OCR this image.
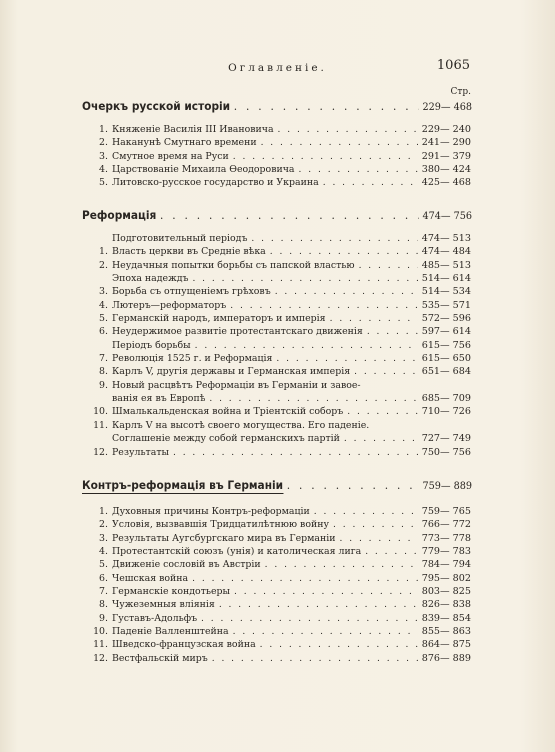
Оглавленіе.	1065
Стр.
Очеркъ русской исторіи . . .	229— 468
1. Княженіе Василія III Ивановича . . .	229— 240
2. Наканунѣ Смутнаго времени . . .	241— 290
3. Смутное время на Руси . . .	291— 379
4. Царствованіе Михаила Ѳеодоровича . . .	380— 424
5. Литовско-русское государство и Украина . . .	425— 468
Реформація . . .	474— 756
Подготовительный періодъ . . .	474— 513
1. Власть церкви въ Средніе вѣка . . .	474— 484
2. Неудачныя попытки борьбы съ папской властью . . .	485— 513
Эпоха надеждъ . . .	514— 614
3. Борьба съ отпущеніемъ грѣховъ . . .	514— 534
4. Лютеръ—реформаторъ . . .	535— 571
5. Германскій народъ, императоръ и имперія . . .	572— 596
6. Неудержимое развитіе протестантскаго движенія . . .	597— 614
Періодъ борьбы . . .	615— 756
7. Революція 1525 г. и Реформація . . .	615— 650
8. Карлъ V, другія державы и Германская имперія . . .	651— 684
9. Новый расцвѣтъ Реформаціи въ Германіи и завое-
ванія ея въ Европѣ . . .	685— 709
10. Шмалькальденская война и Тріентскій соборъ . . .	710— 726
11. Карлъ V на высотѣ своего могущества. Его паденіе.
Соглашеніе между собой германскихъ партій . . .	727— 749
12. Результаты . . .	750— 756
Контръ-реформація въ Германіи . . .	759— 889
1. Духовныя причины Контръ-реформаціи . . .	759— 765
2. Условія, вызвавшія Тридцатилѣтнюю войну . . .	766— 772
3. Результаты Аугсбургскаго мира въ Германіи . . .	773— 778
4. Протестантскій союзъ (унія) и католическая лига . . .	779— 783
5. Движеніе сословій въ Австріи . . .	784— 794
6. Чешская война . . .	795— 802
7. Германскіе кондотьеры . . .	803— 825
8. Чужеземныя вліянія . . .	826— 838
9. Густавъ-Адольфъ . . .	839— 854
10. Паденіе Валленштейна . . .	855— 863
11. Шведско-французская война . . .	864— 875
12. Вестфальскій миръ . . .	876— 889
